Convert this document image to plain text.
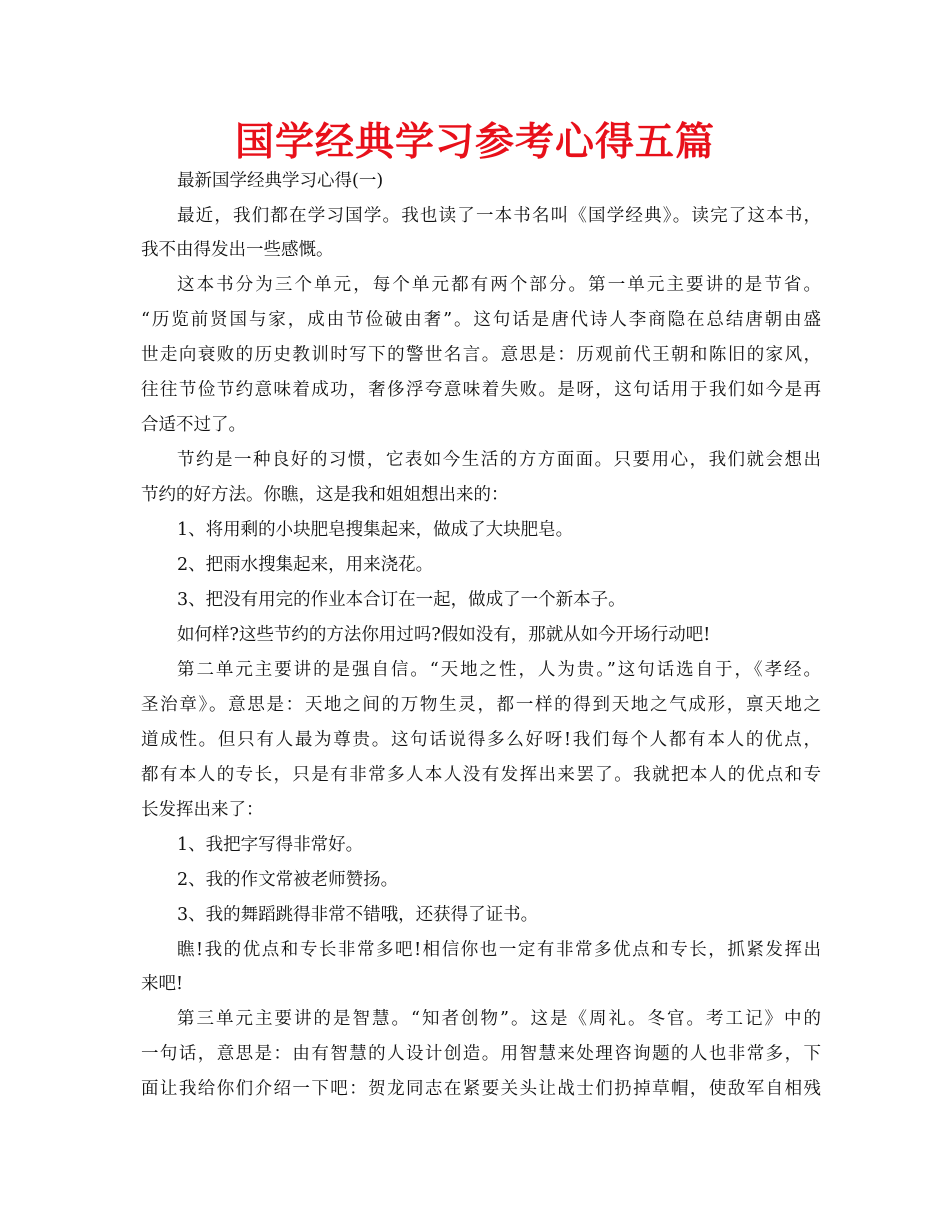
国学经典学习参考心得五篇

最新国学经典学习心得(一)

最近，我们都在学习国学。我也读了一本书名叫《国学经典》。读完了这本书，

我不由得发出一些感慨。

这本书分为三个单元，每个单元都有两个部分。第一单元主要讲的是节省。

“历览前贤国与家，成由节俭破由奢”。这句话是唐代诗人李商隐在总结唐朝由盛

世走向衰败的历史教训时写下的警世名言。意思是：历观前代王朝和陈旧的家风，

往往节俭节约意味着成功，奢侈浮夸意味着失败。是呀，这句话用于我们如今是再

合适不过了。

节约是一种良好的习惯，它表如今生活的方方面面。只要用心，我们就会想出

节约的好方法。你瞧，这是我和姐姐想出来的：

1、将用剩的小块肥皂搜集起来，做成了大块肥皂。

2、把雨水搜集起来，用来浇花。

3、把没有用完的作业本合订在一起，做成了一个新本子。

如何样?这些节约的方法你用过吗?假如没有，那就从如今开场行动吧!

第二单元主要讲的是强自信。“天地之性，人为贵。”这句话选自于，《孝经。

圣治章》。意思是：天地之间的万物生灵，都一样的得到天地之气成形，禀天地之

道成性。但只有人最为尊贵。这句话说得多么好呀!我们每个人都有本人的优点，

都有本人的专长，只是有非常多人本人没有发挥出来罢了。我就把本人的优点和专

长发挥出来了：

1、我把字写得非常好。

2、我的作文常被老师赞扬。

3、我的舞蹈跳得非常不错哦，还获得了证书。

瞧!我的优点和专长非常多吧!相信你也一定有非常多优点和专长，抓紧发挥出

来吧!

第三单元主要讲的是智慧。“知者创物”。这是《周礼。冬官。考工记》中的

一句话，意思是：由有智慧的人设计创造。用智慧来处理咨询题的人也非常多，下

面让我给你们介绍一下吧：贺龙同志在紧要关头让战士们扔掉草帽，使敌军自相残
